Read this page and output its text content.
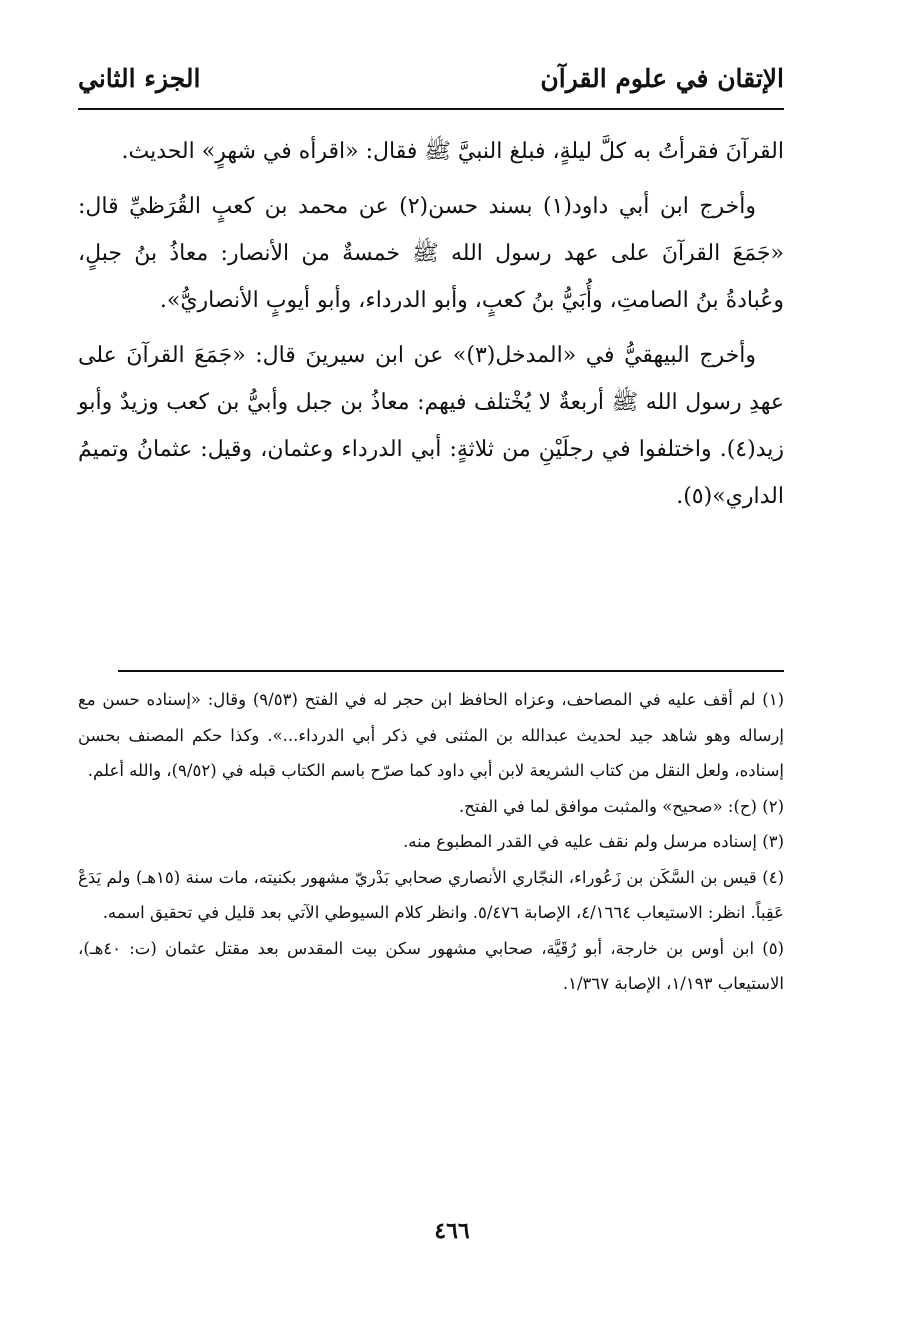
الإتقان في علوم القرآن
الجزء الثاني

القرآنَ فقرأتُ به كلَّ ليلةٍ، فبلغ النبيَّ ﷺ فقال: «اقرأه في شهرٍ» الحديث.

وأخرج ابن أبي داود(١) بسند حسن(٢) عن محمد بن كعبٍ القُرَظيِّ قال: «جَمَعَ القرآنَ على عهد رسول الله ﷺ خمسةٌ من الأنصار: معاذُ بنُ جبلٍ، وعُبادةُ بنُ الصامتِ، وأُبَيُّ بنُ كعبٍ، وأبو الدرداء، وأبو أيوبٍ الأنصاريُّ».

وأخرج البيهقيُّ في «المدخل(٣)» عن ابن سيرينَ قال: «جَمَعَ القرآنَ على عهدِ رسول الله ﷺ أربعةٌ لا يُخْتلف فيهم: معاذُ بن جبل وأبيُّ بن كعب وزيدٌ وأبو زيد(٤). واختلفوا في رجلَيْنِ من ثلاثةٍ: أبي الدرداء وعثمان، وقيل: عثمانُ وتميمُ الداري»(٥).

(١) لم أقف عليه في المصاحف، وعزاه الحافظ ابن حجر له في الفتح (٩/٥٣) وقال: «إسناده حسن مع إرساله وهو شاهد جيد لحديث عبدالله بن المثنى في ذكر أبي الدرداء...». وكذا حكم المصنف بحسن إسناده، ولعل النقل من كتاب الشريعة لابن أبي داود كما صرّح باسم الكتاب قبله في (٩/٥٢)، والله أعلم.

(٢) (ح): «صحيح» والمثبت موافق لما في الفتح.

(٣) إسناده مرسل ولم نقف عليه في القدر المطبوع منه.

(٤) قيس بن السَّكَن بن زَعُوراء، النجّاري الأنصاري صحابي بَدْريّ مشهور بكنيته، مات سنة (١٥هـ) ولم يَدَعْ عَقِباً. انظر: الاستيعاب ٤/١٦٦٤، الإصابة ٥/٤٧٦. وانظر كلام السيوطي الآتي بعد قليل في تحقيق اسمه.

(٥) ابن أوس بن خارجة، أبو رُقَيَّة، صحابي مشهور سكن بيت المقدس بعد مقتل عثمان (ت: ٤٠هـ)، الاستيعاب ١/١٩٣، الإصابة ١/٣٦٧.

٤٦٦
